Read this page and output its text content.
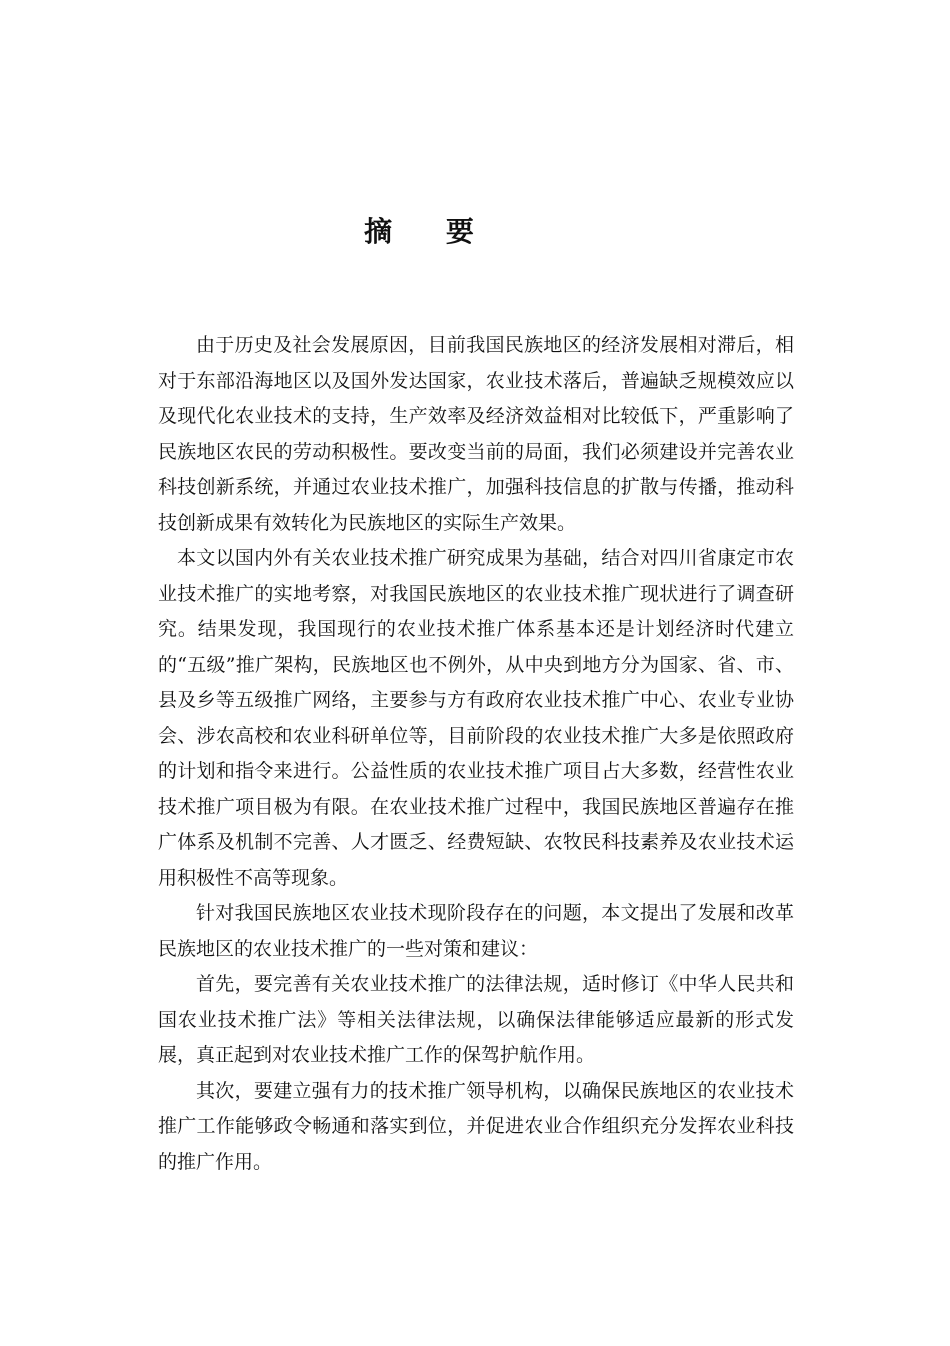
摘 要

由于历史及社会发展原因，目前我国民族地区的经济发展相对滞后，相对于东部沿海地区以及国外发达国家，农业技术落后，普遍缺乏规模效应以及现代化农业技术的支持，生产效率及经济效益相对比较低下，严重影响了民族地区农民的劳动积极性。要改变当前的局面，我们必须建设并完善农业科技创新系统，并通过农业技术推广，加强科技信息的扩散与传播，推动科技创新成果有效转化为民族地区的实际生产效果。

本文以国内外有关农业技术推广研究成果为基础，结合对四川省康定市农业技术推广的实地考察，对我国民族地区的农业技术推广现状进行了调查研究。结果发现，我国现行的农业技术推广体系基本还是计划经济时代建立的“五级”推广架构，民族地区也不例外，从中央到地方分为国家、省、市、县及乡等五级推广网络，主要参与方有政府农业技术推广中心、农业专业协会、涉农高校和农业科研单位等，目前阶段的农业技术推广大多是依照政府的计划和指令来进行。公益性质的农业技术推广项目占大多数，经营性农业技术推广项目极为有限。在农业技术推广过程中，我国民族地区普遍存在推广体系及机制不完善、人才匮乏、经费短缺、农牧民科技素养及农业技术运用积极性不高等现象。

针对我国民族地区农业技术现阶段存在的问题，本文提出了发展和改革民族地区的农业技术推广的一些对策和建议：

首先，要完善有关农业技术推广的法律法规，适时修订《中华人民共和国农业技术推广法》等相关法律法规，以确保法律能够适应最新的形式发展，真正起到对农业技术推广工作的保驾护航作用。

其次，要建立强有力的技术推广领导机构，以确保民族地区的农业技术推广工作能够政令畅通和落实到位，并促进农业合作组织充分发挥农业科技的推广作用。
